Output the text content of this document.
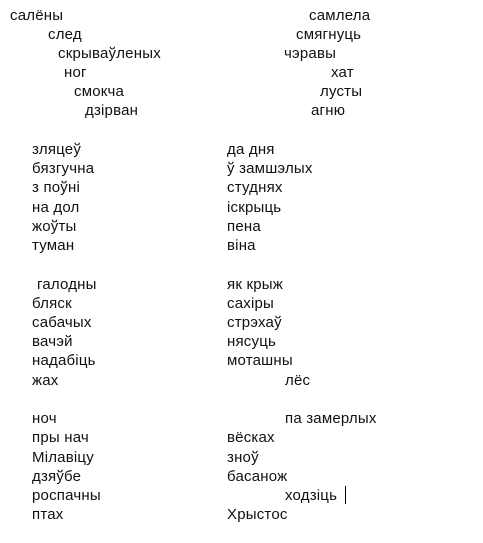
салёны
след
скрываўленых
ног
смокча
дзірван
самлела
смягнуць
чэравы
хат
лусты
агню
зляцеў
бязгучна
з поўні
на дол
жоўты
туман
да дня
ў замшэлых
студнях
іскрыць
пена
віна
галодны
бляск
сабачых
вачэй
надабіць
жах
як крыж
сахіры
стрэхаў
нясуць
моташны
лёс
ноч
пры нач
Мілавіцу
дзяўбе
роспачны
птах
па замерлых
вёсках
зноў
басанож
ходзіць
Хрыстос
